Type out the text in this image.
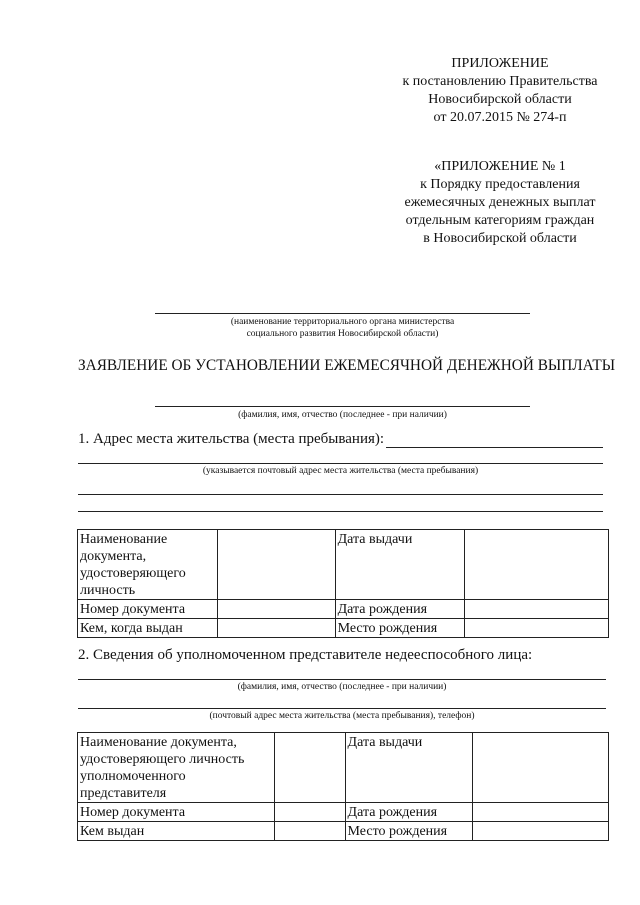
ПРИЛОЖЕНИЕ
к постановлению Правительства
Новосибирской области
от 20.07.2015 № 274-п
«ПРИЛОЖЕНИЕ № 1
к Порядку предоставления
ежемесячных денежных выплат
отдельным категориям граждан
в Новосибирской области
(наименование территориального органа министерства
социального развития Новосибирской области)
ЗАЯВЛЕНИЕ ОБ УСТАНОВЛЕНИИ ЕЖЕМЕСЯЧНОЙ ДЕНЕЖНОЙ ВЫПЛАТЫ
(фамилия, имя, отчество (последнее - при наличии)
1. Адрес места жительства (места пребывания):
(указывается почтовый адрес места жительства (места пребывания)
Наименование документа, удостоверяющего личность		Дата выдачи	
Номер документа		Дата рождения	
Кем, когда выдан		Место рождения	
2. Сведения об уполномоченном представителе недееспособного лица:
(фамилия, имя, отчество (последнее - при наличии)
(почтовый адрес места жительства (места пребывания), телефон)
Наименование документа, удостоверяющего личность уполномоченного представителя		Дата выдачи	
Номер документа		Дата рождения	
Кем выдан		Место рождения	
